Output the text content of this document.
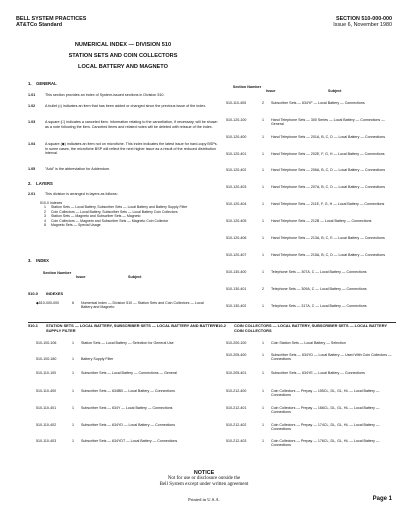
BELL SYSTEM PRACTICES
AT&TCo Standard
SECTION 510-000-000
Issue 6, November 1980
NUMERICAL INDEX — DIVISION 510
STATION SETS AND COIN COLLECTORS
LOCAL BATTERY AND MAGNETO
1. GENERAL
1.01	This section provides an index of System-issued sections in Division 510.
1.02	A bullet (•) indicates an item that has been added or changed since the previous issue of the index.
1.03	A square (□) indicates a canceled item. Information relating to the cancellation, if necessary, will be shown as a note following the item. Canceled items and related notes will be deleted with reissue of the index.
1.04	A square (◆) indicates an item not on microfiche. This index indicates the latest issue for hard-copy BSPs. In some cases, the microfiche BSP will reflect the next higher issue as a result of the reduced distribution interval.
1.05	"Add" is the abbreviation for Addendum.
2. LAYERS
2.01	This division is arranged in layers as follows:
510-0 Indexes
1	Station Sets — Local Battery, Subscriber Sets — Local Battery and Battery Supply Filter
2	Coin Collectors — Local Battery, Subscriber Sets — Local Battery Coin Collectors
3	Station Sets — Magneto and Subscriber Sets — Magneto
4	Coin Collectors — Magneto and Subscriber Sets — Magneto Coin Collector
8	Magneto Sets — Special Usage
3. INDEX
Section Number
Issue	Subject
Section Number
Issue	Subject
510-0 INDEXES
◆510-000-000	6	Numerical Index — Division 510 — Station Sets and Coin Collectors — Local Battery and Magneto
510-1 STATION SETS — LOCAL BATTERY, SUBSCRIBER SETS — LOCAL BATTERY AND BATTERY SUPPLY FILTER
510-100-106	1	Station Sets — Local Battery — Selection for General Use
510-100-180	1	Battery Supply Filter
510-110-100	1	Subscriber Sets — Local Battery — Connections — General
510-110-400	1	Subscriber Sets — 634BB — Local Battery — Connections
510-110-401	1	Subscriber Sets — 634Y — Local Battery — Connections
510-110-402	1	Subscriber Sets — 634YD — Local Battery — Connections
510-110-403	1	Subscriber Sets — 634YDT — Local Battery — Connections
510-110-405	2	Subscriber Sets — 634YF — Local Battery — Connections
510-120-100	1	Hand Telephone Sets — 300 Series — Local Battery — Connections — General
510-120-400	1	Hand Telephone Sets — 201A, B, C, D — Local Battery — Connections
510-120-401	1	Hand Telephone Sets — 202E, F, G, H — Local Battery — Connections
510-120-402	1	Hand Telephone Sets — 206A, B, C, D — Local Battery — Connections
510-120-403	1	Hand Telephone Sets — 207A, B, C, D — Local Battery — Connections
510-120-404	1	Hand Telephone Sets — 211E, F, G, H — Local Battery — Connections
510-120-405	1	Hand Telephone Sets — 212B — Local Battery — Connections
510-120-406	1	Hand Telephone Sets — 213A, B, C, E — Local Battery — Connections
510-120-407	1	Hand Telephone Sets — 215A, B, C, D — Local Battery — Connections
510-130-400	1	Telephone Sets — 307A, C — Local Battery — Connections
510-130-401	2	Telephone Sets — 309A, C — Local Battery — Connections
510-130-402	1	Telephone Sets — 317A, C — Local Battery — Connections
510-2 COIN COLLECTORS — LOCAL BATTERY, SUBSCRIBER SETS — LOCAL BATTERY COIN COLLECTORS
510-200-100	1	Coin Station Sets — Local Battery — Selection
510-205-400	1	Subscriber Sets — 634YD — Local Battery — Used With Coin Collectors — Connections
510-205-401	1	Subscriber Sets — 634YE — Local Battery — Connections
510-212-400	1	Coin Collectors — Prepay — 155CL, DL, GL, HL — Local Battery — Connections
510-212-401	1	Coin Collectors — Prepay — 166CL, DL, GL, HL — Local Battery — Connections
510-212-402	1	Coin Collectors — Prepay — 174CL, DL, GL, HL — Local Battery — Connections
510-212-403	1	Coin Collectors — Prepay — 176CL, DL, GL, HL — Local Battery — Connections
NOTICE
Not for use or disclosure outside the
Bell System except under written agreement
Printed in U.S.A.	Page 1
